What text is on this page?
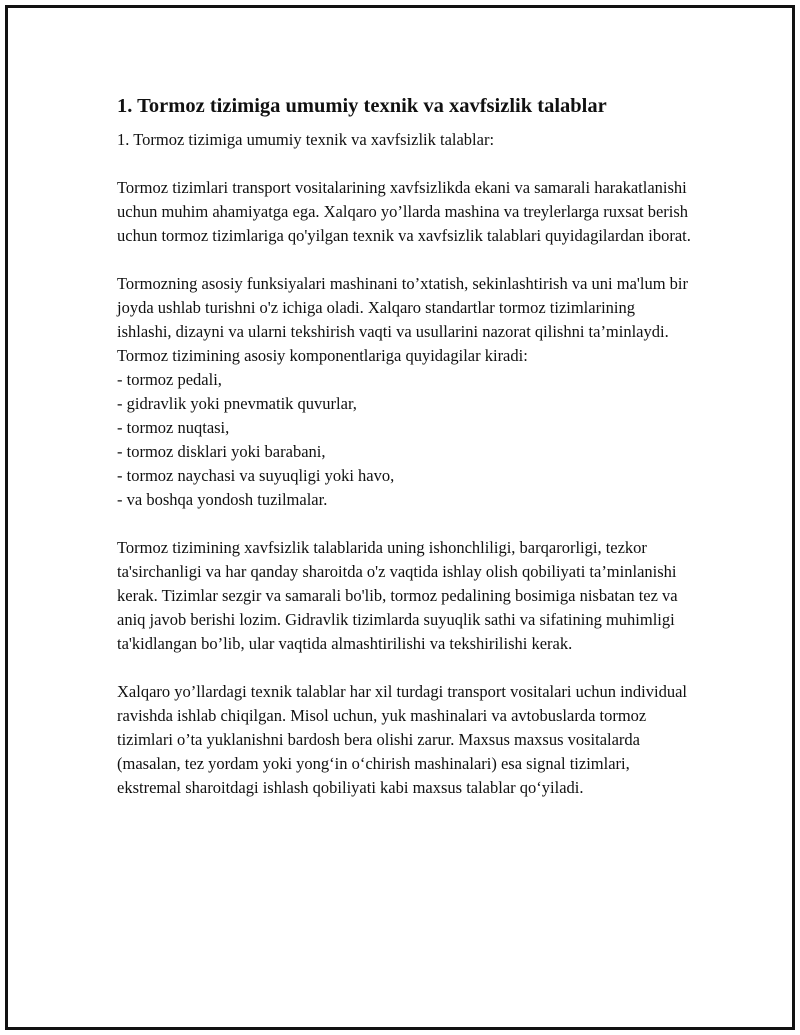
1. Tormoz tizimiga umumiy texnik va xavfsizlik talablar

1. Tormoz tizimiga umumiy texnik va xavfsizlik talablar:

Tormoz tizimlari transport vositalarining xavfsizlikda ekani va samarali harakatlanishi uchun muhim ahamiyatga ega. Xalqaro yo’llarda mashina va treylerlarga ruxsat berish uchun tormoz tizimlariga qo'yilgan texnik va xavfsizlik talablari quyidagilardan iborat.

Tormozning asosiy funksiyalari mashinani to’xtatish, sekinlashtirish va uni ma'lum bir joyda ushlab turishni o'z ichiga oladi. Xalqaro standartlar tormoz tizimlarining ishlashi, dizayni va ularni tekshirish vaqti va usullarini nazorat qilishni ta’minlaydi. Tormoz tizimining asosiy komponentlariga quyidagilar kiradi:

- tormoz pedali,
- gidravlik yoki pnevmatik quvurlar,
- tormoz nuqtasi,
- tormoz disklari yoki barabani,
- tormoz naychasi va suyuqligi yoki havo,
- va boshqa yondosh tuzilmalar.

Tormoz tizimining xavfsizlik talablarida uning ishonchliligi, barqarorligi, tezkor ta'sirchanligi va har qanday sharoitda o'z vaqtida ishlay olish qobiliyati ta’minlanishi kerak. Tizimlar sezgir va samarali bo'lib, tormoz pedalining bosimiga nisbatan tez va aniq javob berishi lozim. Gidravlik tizimlarda suyuqlik sathi va sifatining muhimligi ta'kidlangan bo’lib, ular vaqtida almashtirilishi va tekshirilishi kerak.

Xalqaro yo’llardagi texnik talablar har xil turdagi transport vositalari uchun individual ravishda ishlab chiqilgan. Misol uchun, yuk mashinalari va avtobuslarda tormoz tizimlari o’ta yuklanishni bardosh bera olishi zarur. Maxsus maxsus vositalarda (masalan, tez yordam yoki yong‘in o‘chirish mashinalari) esa signal tizimlari, ekstremal sharoitdagi ishlash qobiliyati kabi maxsus talablar qo‘yiladi.
